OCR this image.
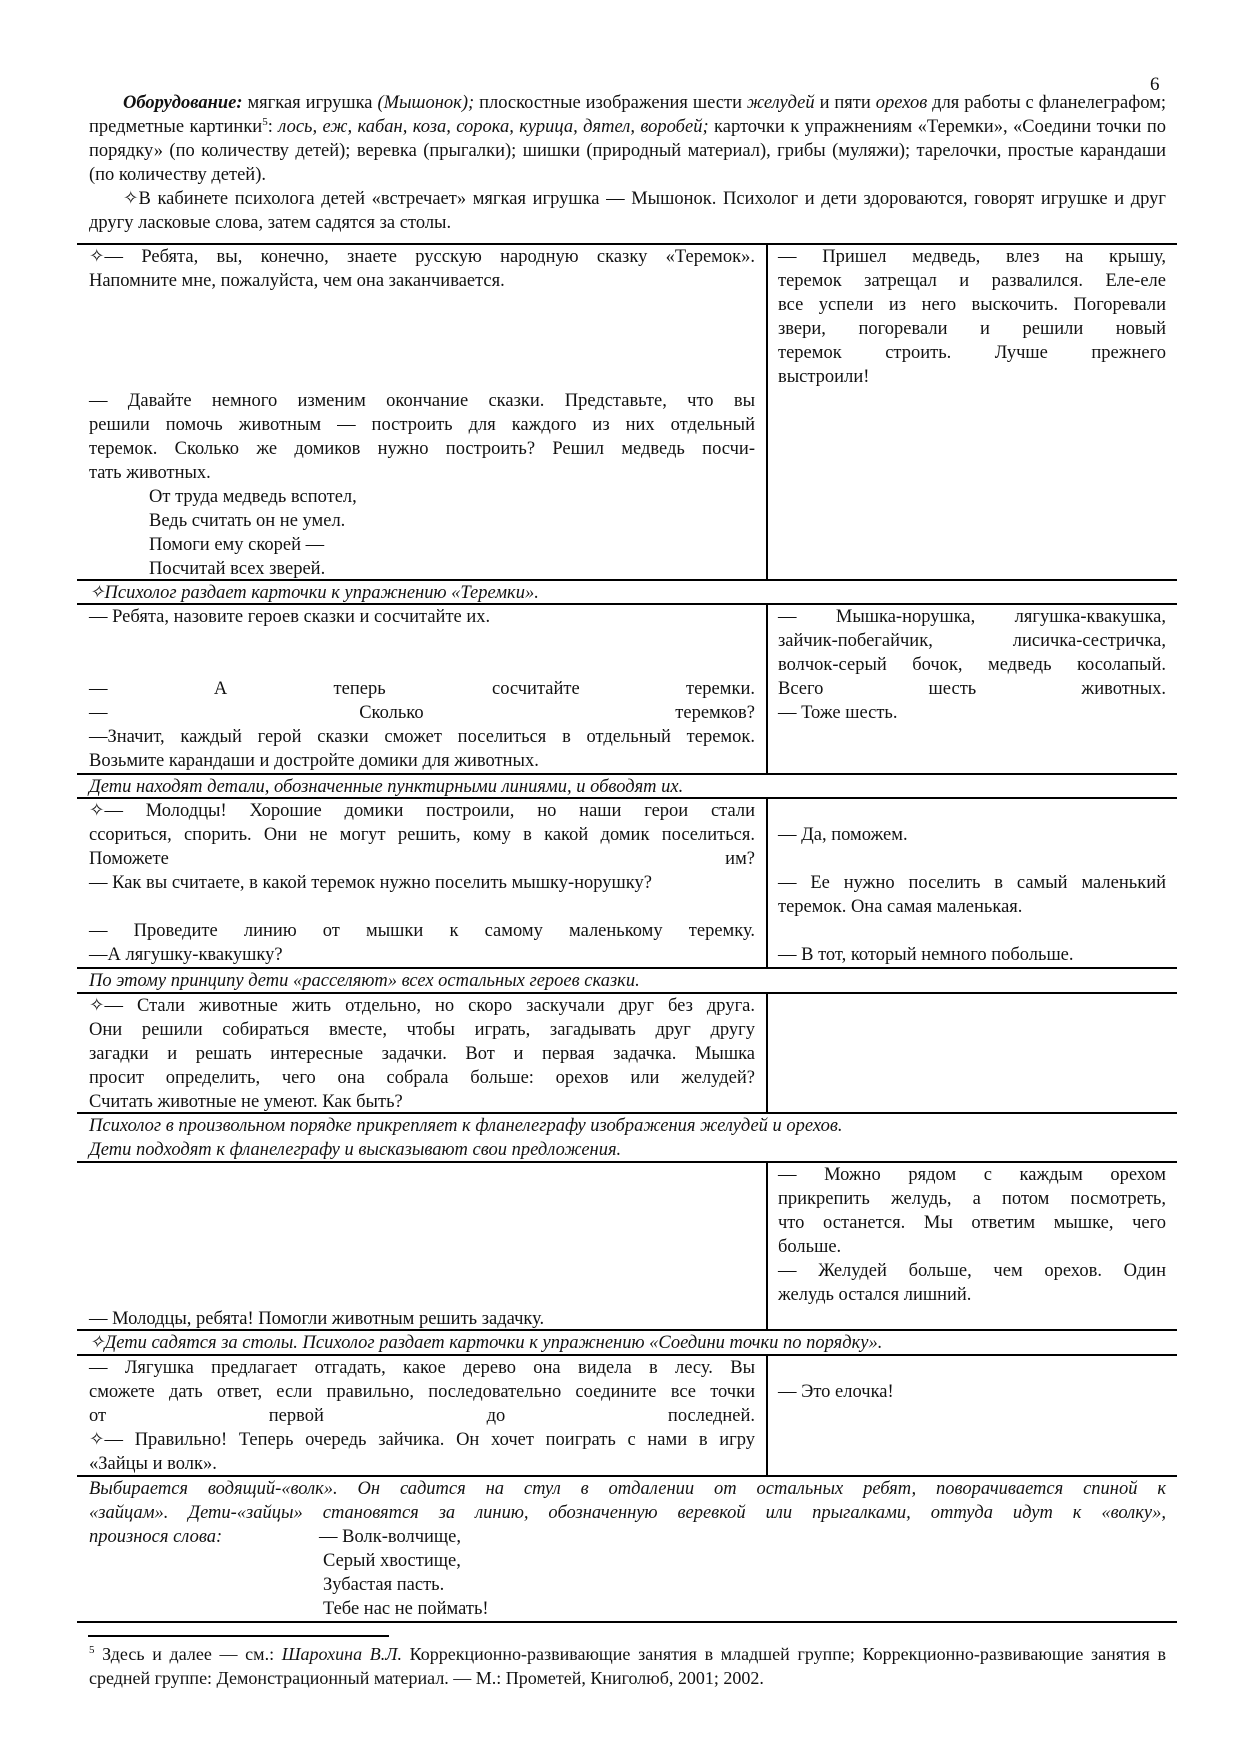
6
Оборудование: мягкая игрушка (Мышонок); плоскостные изображения шести желудей и пяти орехов для работы с фланелеграфом; предметные картинки$^5$: лось, еж, кабан, коза, сорока, курица, дятел, воробей; карточки к упражнениям «Теремки», «Соедини точки по порядку» (по количеству детей); веревка (прыгалки); шишки (природный материал), грибы (муляжи); тарелочки, простые карандаши (по количеству детей).
✧В кабинете психолога детей «встречает» мягкая игрушка — Мышонок. Психолог и дети здороваются, говорят игрушке и друг другу ласковые слова, затем садятся за столы.
✧— Ребята, вы, конечно, знаете русскую народную сказку «Теремок».
Напомните мне, пожалуйста, чем она заканчивается.
— Давайте немного изменим окончание сказки. Представьте, что вы
решили помочь животным — построить для каждого из них отдельный
теремок. Сколько же домиков нужно построить? Решил медведь посчи-
тать животных.
От труда медведь вспотел,
Ведь считать он не умел.
Помоги ему скорей —
Посчитай всех зверей.
— Пришел медведь, влез на крышу,
теремок затрещал и развалился. Еле-еле
все успели из него выскочить. Погоревали
звери, погоревали и решили новый
теремок строить. Лучше прежнего
выстроили!
✧Психолог раздает карточки к упражнению «Теремки».
— Ребята, назовите героев сказки и сосчитайте их.
— А теперь сосчитайте теремки.
— Сколько теремков?
—Значит, каждый герой сказки сможет поселиться в отдельный теремок.
Возьмите карандаши и достройте домики для животных.
— Мышка-норушка, лягушка-квакушка,
зайчик-побегайчик, лисичка-сестричка,
волчок-серый бочок, медведь косолапый.
Всего шесть животных.
— Тоже шесть.
Дети находят детали, обозначенные пунктирными линиями, и обводят их.
✧— Молодцы! Хорошие домики построили, но наши герои стали
ссориться, спорить. Они не могут решить, кому в какой домик поселиться.
Поможете им?
— Как вы считаете, в какой теремок нужно поселить мышку-норушку?
— Проведите линию от мышки к самому маленькому теремку.
—А лягушку-квакушку?
— Да, поможем.
— Ее нужно поселить в самый маленький
теремок. Она самая маленькая.
— В тот, который немного побольше.
По этому принципу дети «расселяют» всех остальных героев сказки.
✧— Стали животные жить отдельно, но скоро заскучали друг без друга.
Они решили собираться вместе, чтобы играть, загадывать друг другу
загадки и решать интересные задачки. Вот и первая задачка. Мышка
просит определить, чего она собрала больше: орехов или желудей?
Считать животные не умеют. Как быть?
Психолог в произвольном порядке прикрепляет к фланелеграфу изображения желудей и орехов.
Дети подходят к фланелеграфу и высказывают свои предложения.
— Молодцы, ребята! Помогли животным решить задачку.
— Можно рядом с каждым орехом
прикрепить желудь, а потом посмотреть,
что останется. Мы ответим мышке, чего
больше.
— Желудей больше, чем орехов. Один
желудь остался лишний.
✧Дети садятся за столы. Психолог раздает карточки к упражнению «Соедини точки по порядку».
— Лягушка предлагает отгадать, какое дерево она видела в лесу. Вы
сможете дать ответ, если правильно, последовательно соедините все точки
от первой до последней.
✧— Правильно! Теперь очередь зайчика. Он хочет поиграть с нами в игру
«Зайцы и волк».
— Это елочка!
Выбирается водящий-«волк». Он садится на стул в отдалении от остальных ребят, поворачивается спиной к
«зайцам». Дети-«зайцы» становятся за линию, обозначенную веревкой или прыгалками, оттуда идут к «волку»,
произнося слова:	— Волк-волчище,
Серый хвостище,
Зубастая пасть.
Тебе нас не поймать!
$^5$ Здесь и далее — см.: Шарохина В.Л. Коррекционно-развивающие занятия в младшей группе; Коррекционно-развивающие занятия в средней группе: Демонстрационный материал. — М.: Прометей, Книголюб, 2001; 2002.
